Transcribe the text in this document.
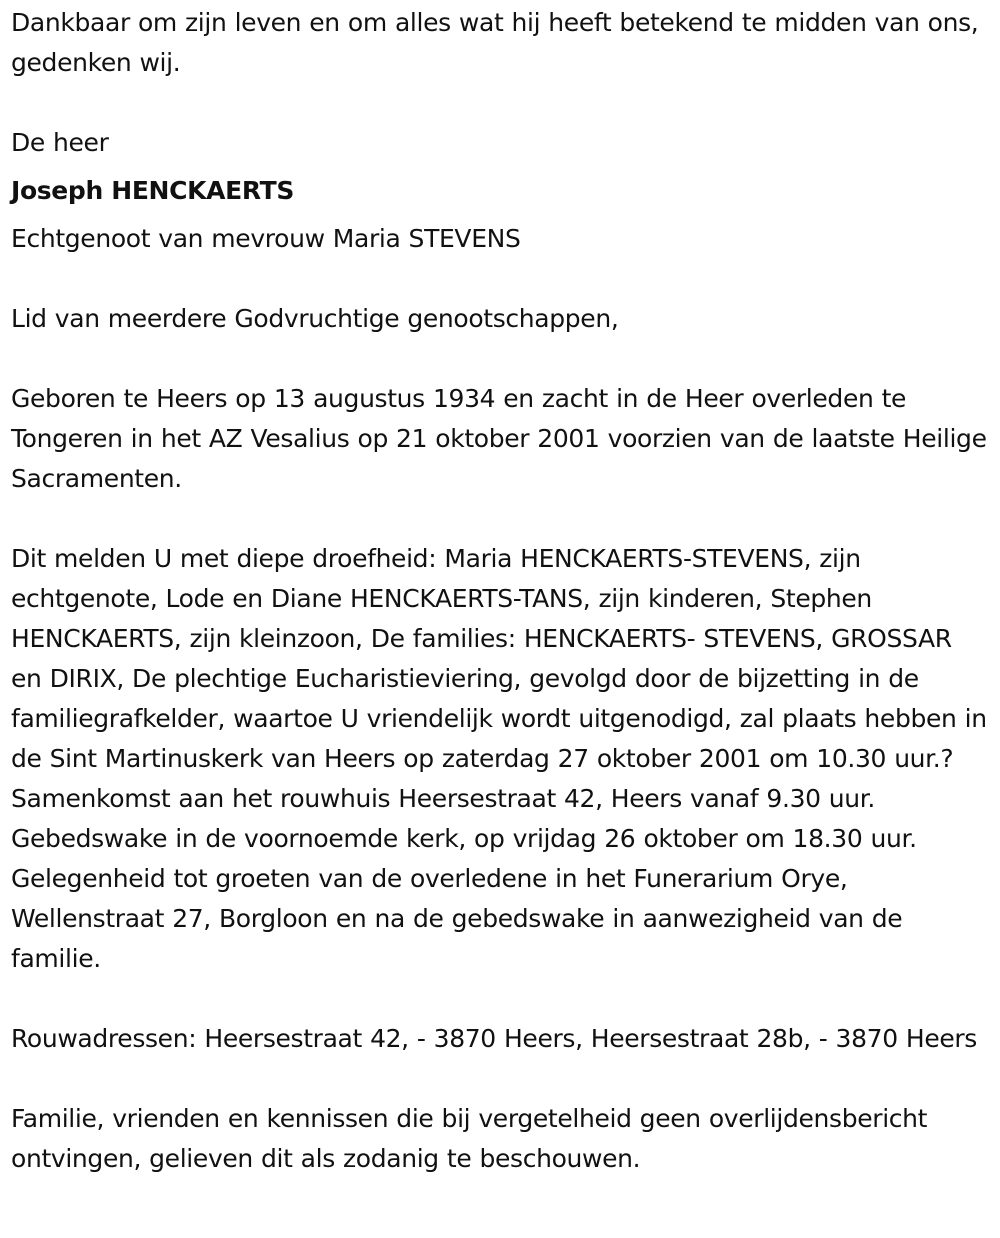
Dankbaar om zijn leven en om alles wat hij heeft betekend te midden van ons, gedenken wij.

De heer

Joseph HENCKAERTS

Echtgenoot van mevrouw Maria STEVENS

Lid van meerdere Godvruchtige genootschappen,

Geboren te Heers op 13 augustus 1934 en zacht in de Heer overleden te Tongeren in het AZ Vesalius op 21 oktober 2001 voorzien van de laatste Heilige Sacramenten.

Dit melden U met diepe droefheid: Maria HENCKAERTS-STEVENS, zijn echtgenote, Lode en Diane HENCKAERTS-TANS, zijn kinderen, Stephen HENCKAERTS, zijn kleinzoon, De families: HENCKAERTS- STEVENS, GROSSAR en DIRIX, De plechtige Eucharistieviering, gevolgd door de bijzetting in de familiegrafkelder, waartoe U vriendelijk wordt uitgenodigd, zal plaats hebben in de Sint Martinuskerk van Heers op zaterdag 27 oktober 2001 om 10.30 uur.? Samenkomst aan het rouwhuis Heersestraat 42, Heers vanaf 9.30 uur. Gebedswake in de voornoemde kerk, op vrijdag 26 oktober om 18.30 uur. Gelegenheid tot groeten van de overledene in het Funerarium Orye, Wellenstraat 27, Borgloon en na de gebedswake in aanwezigheid van de familie.

Rouwadressen: Heersestraat 42, - 3870 Heers, Heersestraat 28b, - 3870 Heers

Familie, vrienden en kennissen die bij vergetelheid geen overlijdensbericht ontvingen, gelieven dit als zodanig te beschouwen.
